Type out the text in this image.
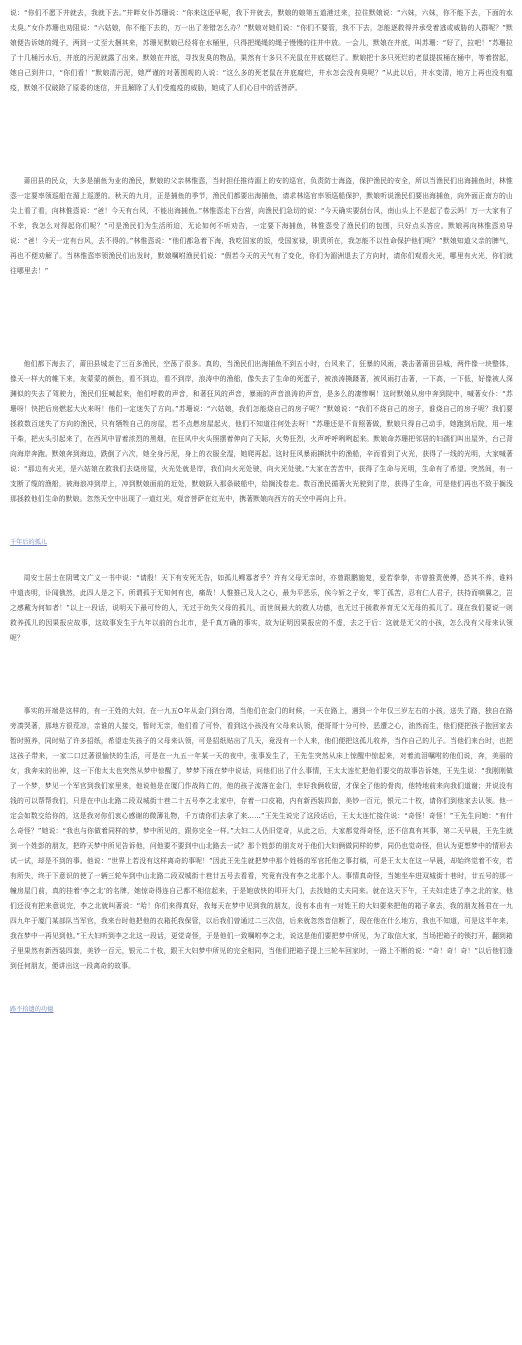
说：“你们不愿下井就去，我就下去。”井畔女仆苏珊说：“你来这还早呢，我下井就去，默娘的娘第五道港过来，拉住默娘说：“六妹，六妹，你不能下去，下面的水太臭。”女仆苏珊也劝阻说：“六姑娘，你不能下去的，万一出了差错怎么办？”默娘对她们说：“你们不要管，我不下去，怎能逐救得并承受着逃或威胁的人群呢？”默娘便告诉她的绳子，两到一丈至大捆其来，苏珊见默娘已经将在水桶里，只得把绳绳的绳子慢慢的往井中放。一会儿，默娘在井底，叫苏珊：“好了，拉吧！”苏珊拉了十几桶污水后，井底的污泥就露了出来。默娘在井底，寻找发臭的物品，果然有十多只不光鼠在井底腐烂了。默娘把十多只死烂的老鼠提拔桶在桶中，等着捞起，她自己到井口，“你们看！”默娘清污泥，她严谨的对著围观的人说：“这么多的死老鼠在井底腐烂，井水怎会没有臭呢？”从此以后，井水变清，地方上再也没有瘟疫，默娘不仅破除了原委的迷信，并且解除了人们受瘟疫的威胁，她成了人们心目中的活菩萨。

莆田县的民众，大多是捕鱼为业的渔民，默娘的父亲林惟悫，当时担任推待湄上的安的巡官，负责防士海盗，保护渔民的安全，所以当渔民们出海捕鱼时，林惟悫一定要率领巡船在湄上巡逻的。秋天的九月，正是捕鱼的季节，渔民们都要出海捕鱼，请求林巡官率领巡船保护，默娘听说渔民们要出海捕鱼，向外面正南方的山尖上看了看，向林惟悫说：“爸！今天有台风，不能出海捕鱼。”林惟悫走下台营，向渔民们急切的说：“今天确实要刮台风，南山头上不是起了卷云吗！万一大家有了不幸，我怎么对得起你们呢？”可是渔民们为生活所迫，无论如何不听劝告，一定要下海捕鱼，林惟悫受了渔民们的包围，只好点头答应。默娘再向林惟悫劝导说：“爸！今天一定有台风，去不得的。”林惟悫说：“他们都急着下海，我吃国家的饭，受国家禄，职责所在，我怎能不以性命保护他们呢？”默娘知道父亲的脾气，再也不便劝解了。当林惟悫率领渔民们出发时，默娘嘱咐渔民们说：“假若今天的天气有了变化，你们为湄洲退去了方向时，请你们观看火光，哪里有火光，你们就往哪里去！”

他们都下海去了，莆田县城走了三百多渔民，空荡了很多。真的，当渔民们出海捕鱼不到五小时，台风来了，狂暴的风雨，袭击著莆田县城，两件像一块整体，像天一样大的帷下来，灰蒙蒙的颜色，看不到边，看不到岸，浪涛中的渔船，像失去了生命的死蛋子，被浪涛撕蹑著，被风雨打击著，一下高，一下低，好像被人深渊似的失去了驾驶力，渔民们狂喊起来，他们呼救的声音，和著狂风的声音，暴雨的声音浪涛的声音，是多么的凄惨啊！这时默娘从房中奔到院中，喊著女仆：“苏珊呀！快把后房燃起大火来呀！他们一定迷失了方向。”苏珊说：“六姑娘，我们怎能烧自己的房子呢？”默娘说：“我们不烧自己的房子，谁烧自己的房子呢？我们要拯救数百迷失了方向的渔民，只有牺牲自己的房屋，若不点燃房屋起火，他们不知道往何处去呀！”苏珊还是不肯照著做，默娘只得自己动手，她跑到后院，用一堆干柴，把火头引起来了，在西风中冒着浓烈的黑烟，在狂风中火头照摆着伸向了天际，火势狂烈，火声呼呼咧咧起来。默娘命苏珊把邻居的妇孺们叫出屋外，台己背向海岸奔跑。默娘奔到海边，跌倒了六次，她全身污泥，身上的衣服全湿，她爬再起。这时狂风暴雨撕扰中的渔船，辛而看到了火光，获得了一线的光明，大家喊著说：“那边有火光，是六姑娘在救我们去烧房屋，火光处就是岸，我们向火光处驶，向火光处驶。”大家在苦苦中，获得了生命与光明，生命有了希望。突然间，有一支断了缆的渔船，被海浪冲到岸上，冲到默娘面前的近处，默娘跃入那条破船中，给搁浅卷走。数百渔民循著火光驶到了岸，获得了生命，可是他们再也不致于搁浅那拯救他们生命的默娘。忽然天空中出现了一道红光，观音菩萨在红光中，携著默娘向西方的天空中再向上升。

千年后的孤儿

周安士居士在阴骘文广义一书中说：“请殷！天下有安死无告，如孤儿鳏寡者乎？许有父母无亲时，亦曾跟鹏施复，爱若拳拳，亦曾推责使傅，恐其不养，谁料中道丧明，讣闻俄然，此四人是之下。所谓孤于无知何有也，痛哉！人惟推己及人之心，最为平恶乐，俟今斩之子女，零丁孤苦，忍有仁人君子，扶持而嘀翼之，岂之感戴为何如者！”以上一段话，说明天下最可怜的人，无过于幼失父母的孤儿，而世间最大的救人功德，也无过于援救养育无父无母的孤儿了。现在我们要说一则救养孤儿的因果报应故事，这故事发生于九年以前的台北市，是千真万确的事实，故为证明因果报应的不虚，去之于后：这就是无父的小孩，怎么没有父母来认领呢？

事实的开端是这样的，有一王姓的大妇，在一九五O年从金门到台湾，当他们在金门的时候，一天在路上，遇到一个年仅三岁左右的小孩，送失了路，独自在路旁凑哭著，那地方很荒凉，亲谁的人接交，暂时无亲，他们看了可怜，看到这小孩没有父母来认领，便哥哥十分可怜，恶遭之心，油然而生，他们便把孩子抱回家去暂时照养，同时贴了许多招纸，希望走失孩子的父母来认领，可是招纸贴出了几天，竟没有一个人来，他们便把这孤儿收养，当作自己的儿子。当他们来台时，也把这孩子带来，一家二口过著很愉快的生活，可是在一九五一年某一天的夜中，张事发生了，王先生突然从床上惊醒中惊起来，对着流泪嘱咐的他们说，奔，美丽的女，我奔宋的出神，这一下他太太也突然从梦中惊醒了，梦梦下雨在梦中说话，问他们出了什么事情，王太太连忙把他们要交的故事告诉她，王先生说：“我刚刚做了一个梦，梦见一个军官到我们家里来，他说他是在厦门作战阵亡的，他的孩子流落在金门，幸好我俩收留，才保全了他的骨肉，他特地前来向我们道谢；并说没有钱的可以帮帮我们，只是在中山北路二段双城街十巷二十五号李之北家中，存着一口皮箱，内有新西装四套，美钞一百元，银元二十枚，请你们到他家去认领。他一定会如数交给你的，这是我对你们衷心感谢的微薄礼物，千万请你们去拿了来……”王先生说完了这段话后，王太太连忙接住说：“奇怪！奇怪！”王先生问她：“有什么奇怪？”她说：“我也与你做着同样的梦，梦中所见的，跟你完全一样。”大妇二人仍旧觉奇，从此之后，大家都觉得奇怪，还不信真有其事，第二天早晨，王先生就到一个姓彭的朋友，把昨天梦中所见告诉他，问他要不要到中山北路去一试？那个姓彭的朋友对于他们大妇俩做同样的梦，同仍也觉奇怪，但认为更想梦中的情形去试一试，却是不到的事。他说：“世界上若没有这样离奇的事呢！”因此王先生就把梦中那个姓杨的军官托他之事打稿，可是王太太在这一早晨，却始终觉着不安，若有所失，终于下意识的使了一辆三轮车到中山北路二段双城街十巷廿五号去看看，究竟有没有李之北那个人。事情真奇怪，当她坐车进双城街十巷时，廿五号的那一幢房屋门前，真的挂着‘李之北’的名牌，她惊奇得连自己都不相信起来，于是她放快的叩开大门，去找她的丈夫同来。就在这天下午，王夫妇走进了李之北的家，他们还没有把来意说完，李之北就叫著说：“哈！你们来得真好，我每天在梦中见到我的朋友，没有本由有一对姓王的大妇要来把他的箱子拿去，我的朋友杨君在一九四九年于厦门某部队当军官，我来台时他把他的衣箱托我保管，以后我们曾通过二三次信，后来就忽然音信断了，现在他在什么地方，我也不知道，可是这半年来，我在梦中一再见到他。”王大妇听到李之北这一段话，更觉奇怪，于是他们一致嘱咐李之北，说这是他们要把梦中所见，为了取信大家，当场把箱子的锁打开，翻到箱子里果然有新西装四套，美钞一百元，银元二十枚，跟王大妇梦中所见的完全相同，当他们把箱子提上三轮车回家时，一路上不断的说：“奇！奇！奇！”以后他们逢到任何朋友，便讲出这一段离奇的故事。

路不拾遗的功德
